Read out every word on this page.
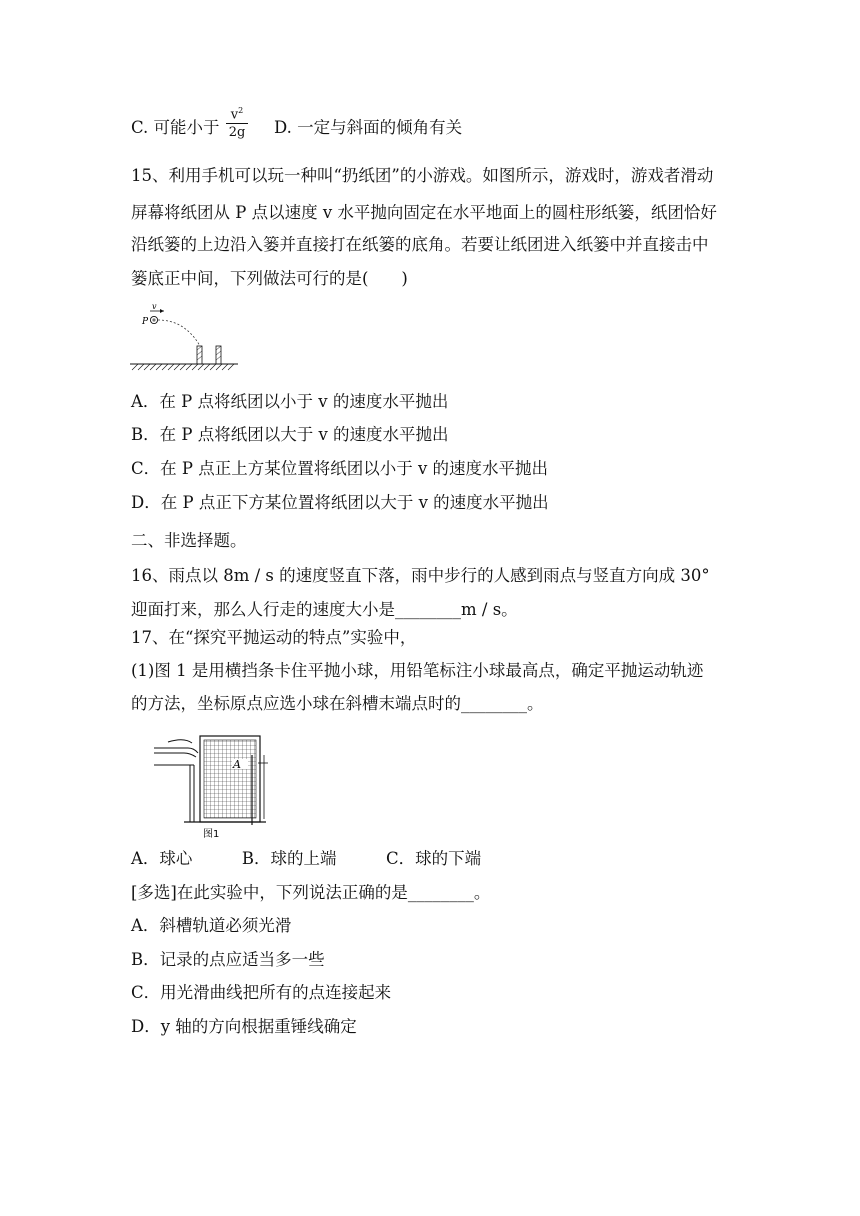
C. 可能小于 $\frac{v^2}{2g} D$. 一定与斜面的倾角有关
15、利用手机可以玩一种叫“扔纸团”的小游戏。如图所示，游戏时，游戏者滑动
屏幕将纸团从 P 点以速度 v 水平抛向固定在水平地面上的圆柱形纸篓，纸团恰好
沿纸篓的上边沿入篓并直接打在纸篓的底角。若要让纸团进入纸篓中并直接击中
篓底正中间，下列做法可行的是(　　)
v
P
A．在 P 点将纸团以小于 v 的速度水平抛出
B．在 P 点将纸团以大于 v 的速度水平抛出
C．在 P 点正上方某位置将纸团以小于 v 的速度水平抛出
D．在 P 点正下方某位置将纸团以大于 v 的速度水平抛出
二、非选择题。
16、雨点以 8m / s 的速度竖直下落，雨中步行的人感到雨点与竖直方向成 30°
迎面打来，那么人行走的速度大小是________m / s。
17、在“探究平抛运动的特点”实验中，
(1)图 1 是用横挡条卡住平抛小球，用铅笔标注小球最高点，确定平抛运动轨迹
的方法，坐标原点应选小球在斜槽末端点时的________。
A
图1
A．球心　　　B．球的上端　　　C．球的下端
[多选]在此实验中，下列说法正确的是________。
A．斜槽轨道必须光滑
B．记录的点应适当多一些
C．用光滑曲线把所有的点连接起来
D．y 轴的方向根据重锤线确定
